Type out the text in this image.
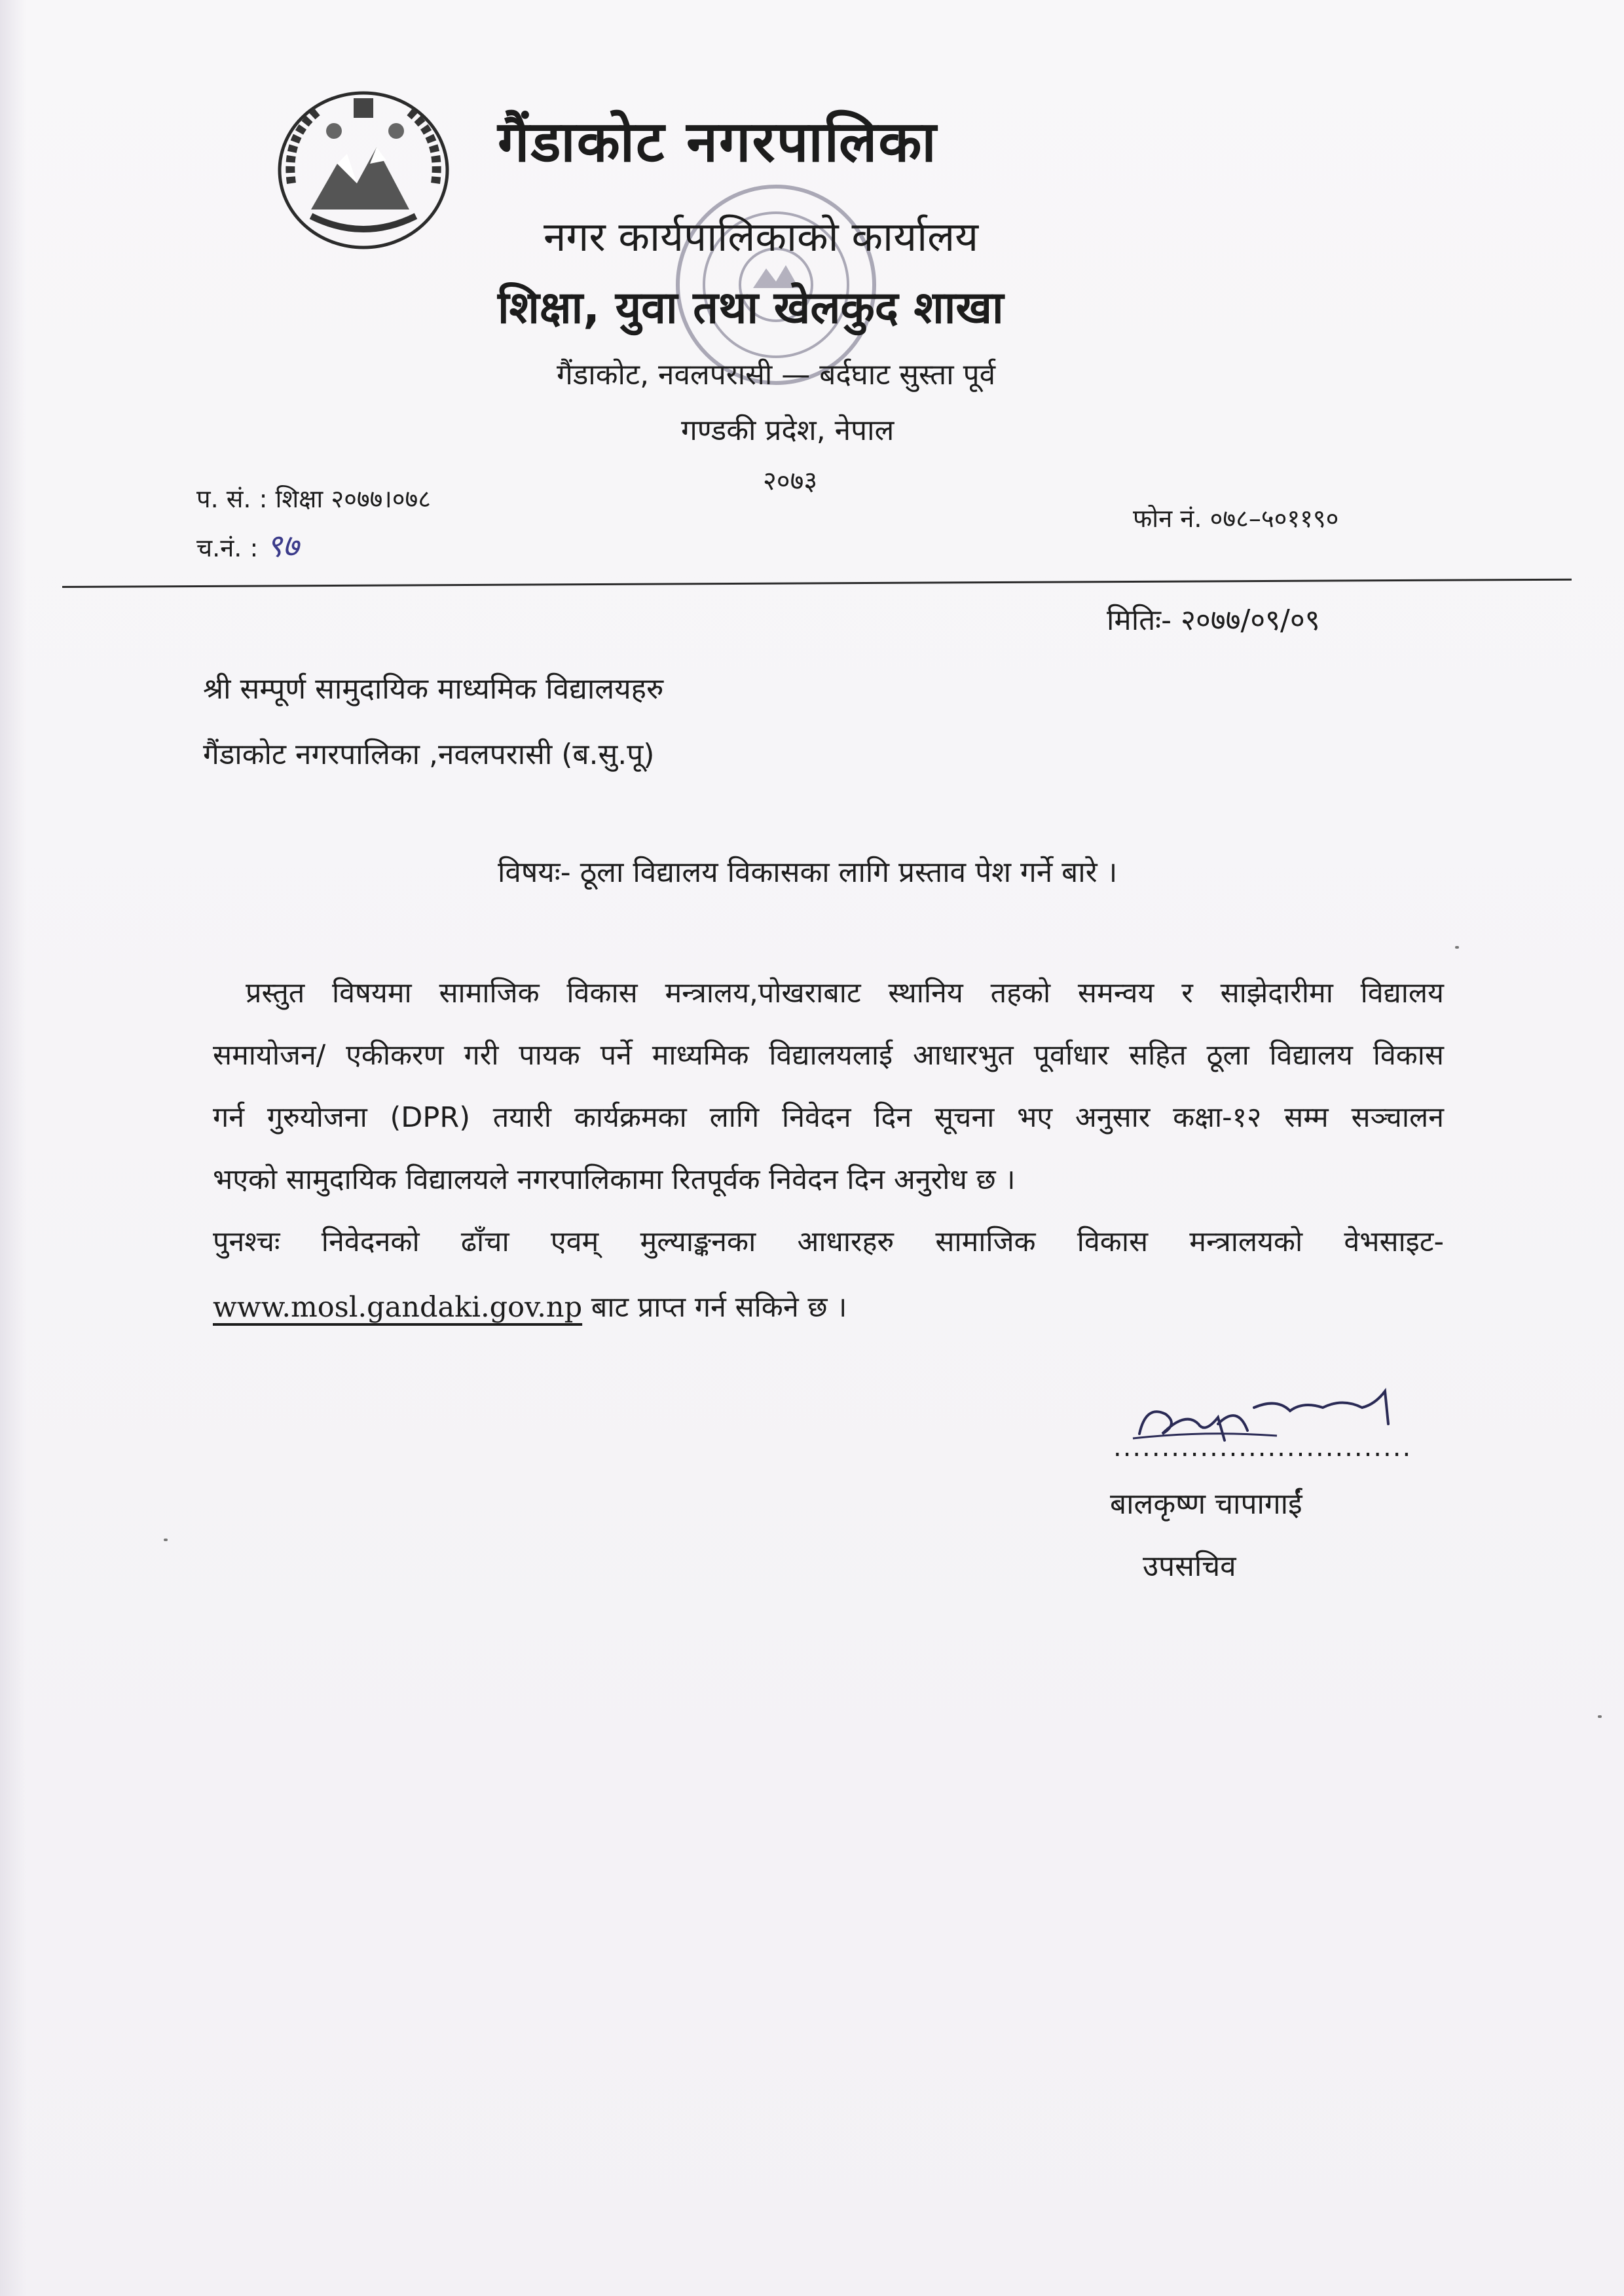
गैंडाकोट नगरपालिका
नगर कार्यपालिकाको कार्यालय
शिक्षा, युवा तथा खेलकुद शाखा
गैंडाकोट, नवलपरासी — बर्दघाट सुस्ता पूर्व
गण्डकी प्रदेश, नेपाल
२०७३
प. सं. : शिक्षा २०७७।०७८
च.नं. : ९७
फोन नं. ०७८–५०११९०
मितिः- २०७७/०९/०९
श्री सम्पूर्ण सामुदायिक माध्यमिक विद्यालयहरु
गैंडाकोट नगरपालिका ,नवलपरासी (ब.सु.पू)
विषयः- ठूला विद्यालय विकासका लागि प्रस्ताव पेश गर्ने बारे ।
प्रस्तुत विषयमा सामाजिक विकास मन्त्रालय,पोखराबाट स्थानिय तहको समन्वय र साझेदारीमा विद्यालय
समायोजन/ एकीकरण गरी पायक पर्ने माध्यमिक विद्यालयलाई आधारभुत पूर्वाधार सहित ठूला विद्यालय विकास
गर्न गुरुयोजना (DPR) तयारी कार्यक्रमका लागि निवेदन दिन सूचना भए अनुसार कक्षा-१२ सम्म सञ्चालन
भएको सामुदायिक विद्यालयले नगरपालिकामा रितपूर्वक निवेदन दिन अनुरोध छ ।
पुनश्चः निवेदनको ढाँचा एवम् मुल्याङ्कनका आधारहरु सामाजिक विकास मन्त्रालयको वेभसाइट-
www.mosl.gandaki.gov.np बाट प्राप्त गर्न सकिने छ ।
...............................
बालकृष्ण चापागाईं
उपसचिव
